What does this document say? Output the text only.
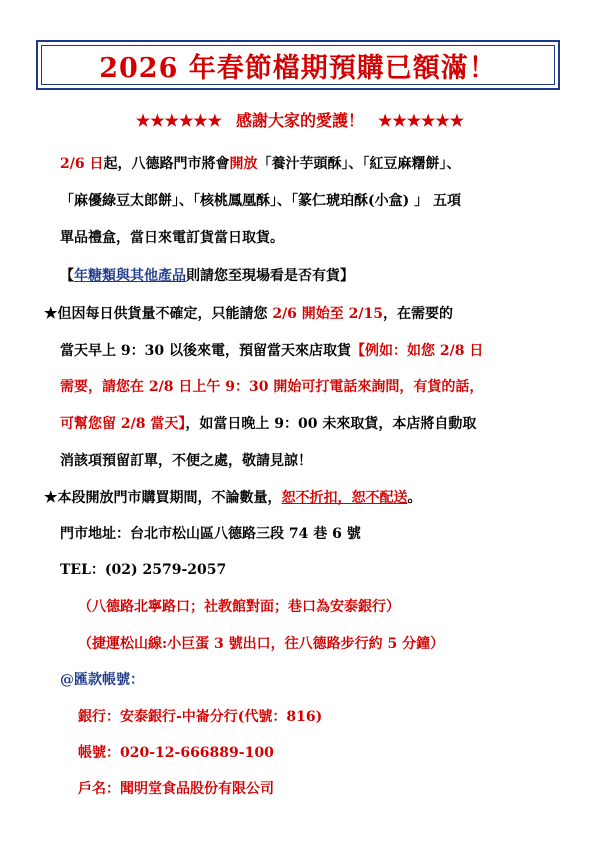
2026 年春節檔期預購已額滿！
★★★★★★ 感謝大家的愛護！ ★★★★★★
2/6 日起，八德路門市將會開放「養汁芋頭酥」、「紅豆麻糬餅」、
「麻優綠豆太郎餅」、「核桃鳳凰酥」、「篆仁琥珀酥(小盒) 」 五項
單品禮盒，當日來電訂貨當日取貨。
【年糖類與其他產品則請您至現場看是否有貨】
★但因每日供貨量不確定，只能請您 2/6 開始至 2/15，在需要的
當天早上 9：30 以後來電，預留當天來店取貨【例如：如您 2/8 日
需要，請您在 2/8 日上午 9：30 開始可打電話來詢問，有貨的話，
可幫您留 2/8 當天】，如當日晚上 9：00 未來取貨，本店將自動取
消該項預留訂單，不便之處，敬請見諒！
★本段開放門市購買期間，不論數量，恕不折扣，恕不配送。
門市地址：台北市松山區八德路三段 74 巷 6 號
TEL：(02) 2579-2057
（八德路北寧路口；社教館對面；巷口為安泰銀行）
（捷運松山線:小巨蛋 3 號出口，往八德路步行約 5 分鐘）
@匯款帳號：
銀行：安泰銀行-中崙分行(代號：816)
帳號：020-12-666889-100
戶名：聞明堂食品股份有限公司
